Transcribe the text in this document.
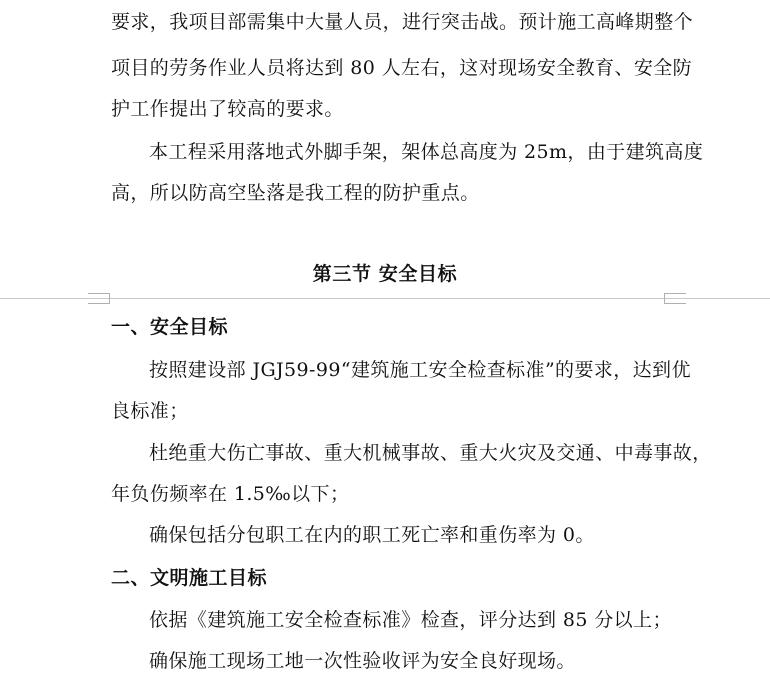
要求，我项目部需集中大量人员，进行突击战。预计施工高峰期整个
项目的劳务作业人员将达到 80 人左右，这对现场安全教育、安全防
护工作提出了较高的要求。
本工程采用落地式外脚手架，架体总高度为 25m，由于建筑高度
高，所以防高空坠落是我工程的防护重点。
第三节 安全目标
一、安全目标
按照建设部 JGJ59-99“建筑施工安全检查标准”的要求，达到优
良标准；
杜绝重大伤亡事故、重大机械事故、重大火灾及交通、中毒事故，
年负伤频率在 1.5‰以下；
确保包括分包职工在内的职工死亡率和重伤率为 0。
二、文明施工目标
依据《建筑施工安全检查标准》检查，评分达到 85 分以上；
确保施工现场工地一次性验收评为安全良好现场。
